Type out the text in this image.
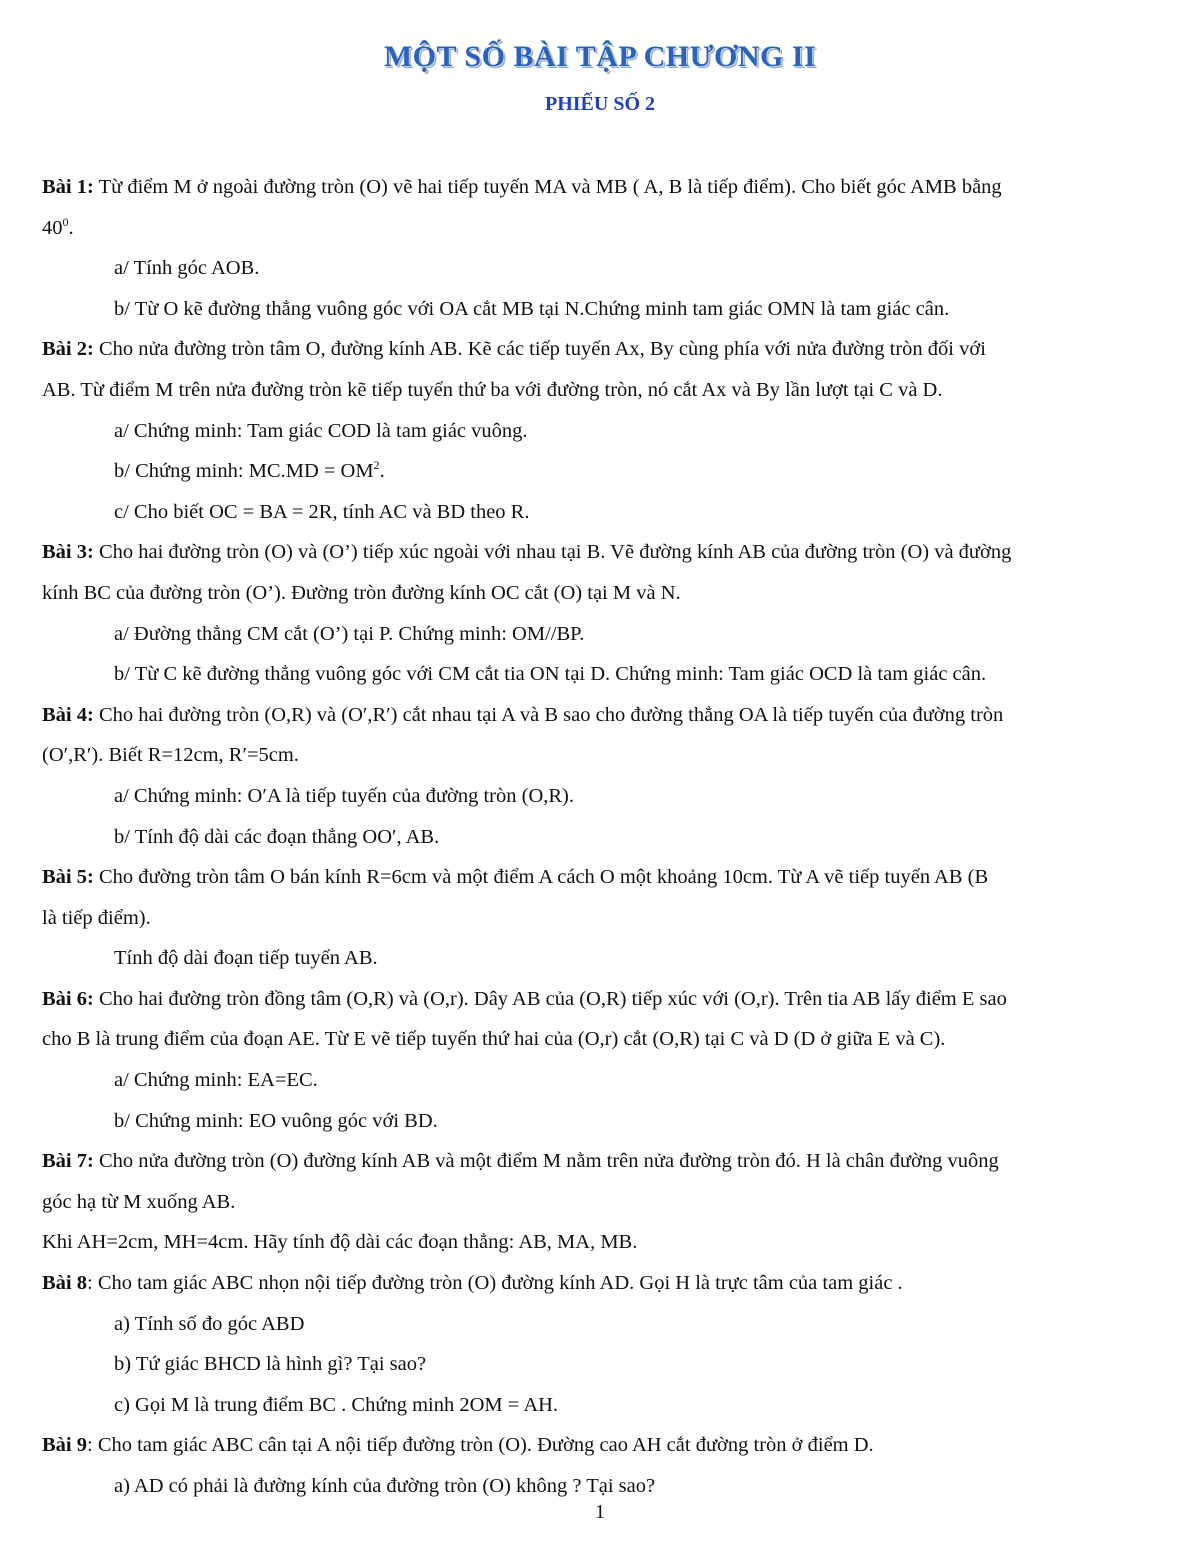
MỘT SỐ BÀI TẬP CHƯƠNG II
PHIẾU SỐ 2
Bài 1: Từ điểm M ở ngoài đường tròn (O) vẽ hai tiếp tuyến MA và MB ( A, B là tiếp điểm). Cho biết góc AMB bằng
$40^0$.
a/ Tính góc AOB.
b/ Từ O kẽ đường thẳng vuông góc với OA cắt MB tại N.Chứng minh tam giác OMN là tam giác cân.
Bài 2: Cho nửa đường tròn tâm O, đường kính AB. Kẽ các tiếp tuyến Ax, By cùng phía với nửa đường tròn đối với
AB. Từ điểm M trên nửa đường tròn kẽ tiếp tuyến thứ ba với đường tròn, nó cắt Ax và By lần lượt tại C và D.
a/ Chứng minh: Tam giác COD là tam giác vuông.
b/ Chứng minh: $MC.MD = OM^2$.
c/ Cho biết OC = BA = 2R, tính AC và BD theo R.
Bài 3: Cho hai đường tròn (O) và (O’) tiếp xúc ngoài với nhau tại B. Vẽ đường kính AB của đường tròn (O) và đường
kính BC của đường tròn (O’). Đường tròn đường kính OC cắt (O) tại M và N.
a/ Đường thẳng CM cắt (O’) tại P. Chứng minh: OM//BP.
b/ Từ C kẽ đường thẳng vuông góc với CM cắt tia ON tại D. Chứng minh: Tam giác OCD là tam giác cân.
Bài 4: Cho hai đường tròn (O,R) và (O′,R′) cắt nhau tại A và B sao cho đường thẳng OA là tiếp tuyến của đường tròn
(O′,R′). Biết R=12cm, R′=5cm.
a/ Chứng minh: O′A là tiếp tuyến của đường tròn (O,R).
b/ Tính độ dài các đoạn thẳng OO′, AB.
Bài 5: Cho đường tròn tâm O bán kính R=6cm và một điểm A cách O một khoảng 10cm. Từ A vẽ tiếp tuyến AB (B
là tiếp điểm).
Tính độ dài đoạn tiếp tuyến AB.
Bài 6: Cho hai đường tròn đồng tâm (O,R) và (O,r). Dây AB của (O,R) tiếp xúc với (O,r). Trên tia AB lấy điểm E sao
cho B là trung điểm của đoạn AE. Từ E vẽ tiếp tuyến thứ hai của (O,r) cắt (O,R) tại C và D (D ở giữa E và C).
a/ Chứng minh: EA=EC.
b/ Chứng minh: EO vuông góc với BD.
Bài 7: Cho nửa đường tròn (O) đường kính AB và một điểm M nằm trên nửa đường tròn đó. H là chân đường vuông
góc hạ từ M xuống AB.
Khi AH=2cm, MH=4cm. Hãy tính độ dài các đoạn thẳng: AB, MA, MB.
Bài 8: Cho tam giác ABC nhọn nội tiếp đường tròn (O) đường kính AD. Gọi H là trực tâm của tam giác .
a) Tính số đo góc ABD
b) Tứ giác BHCD là hình gì? Tại sao?
c) Gọi M là trung điểm BC . Chứng minh 2OM = AH.
Bài 9: Cho tam giác ABC cân tại A nội tiếp đường tròn (O). Đường cao AH cắt đường tròn ở điểm D.
a) AD có phải là đường kính của đường tròn (O) không ? Tại sao?
1
